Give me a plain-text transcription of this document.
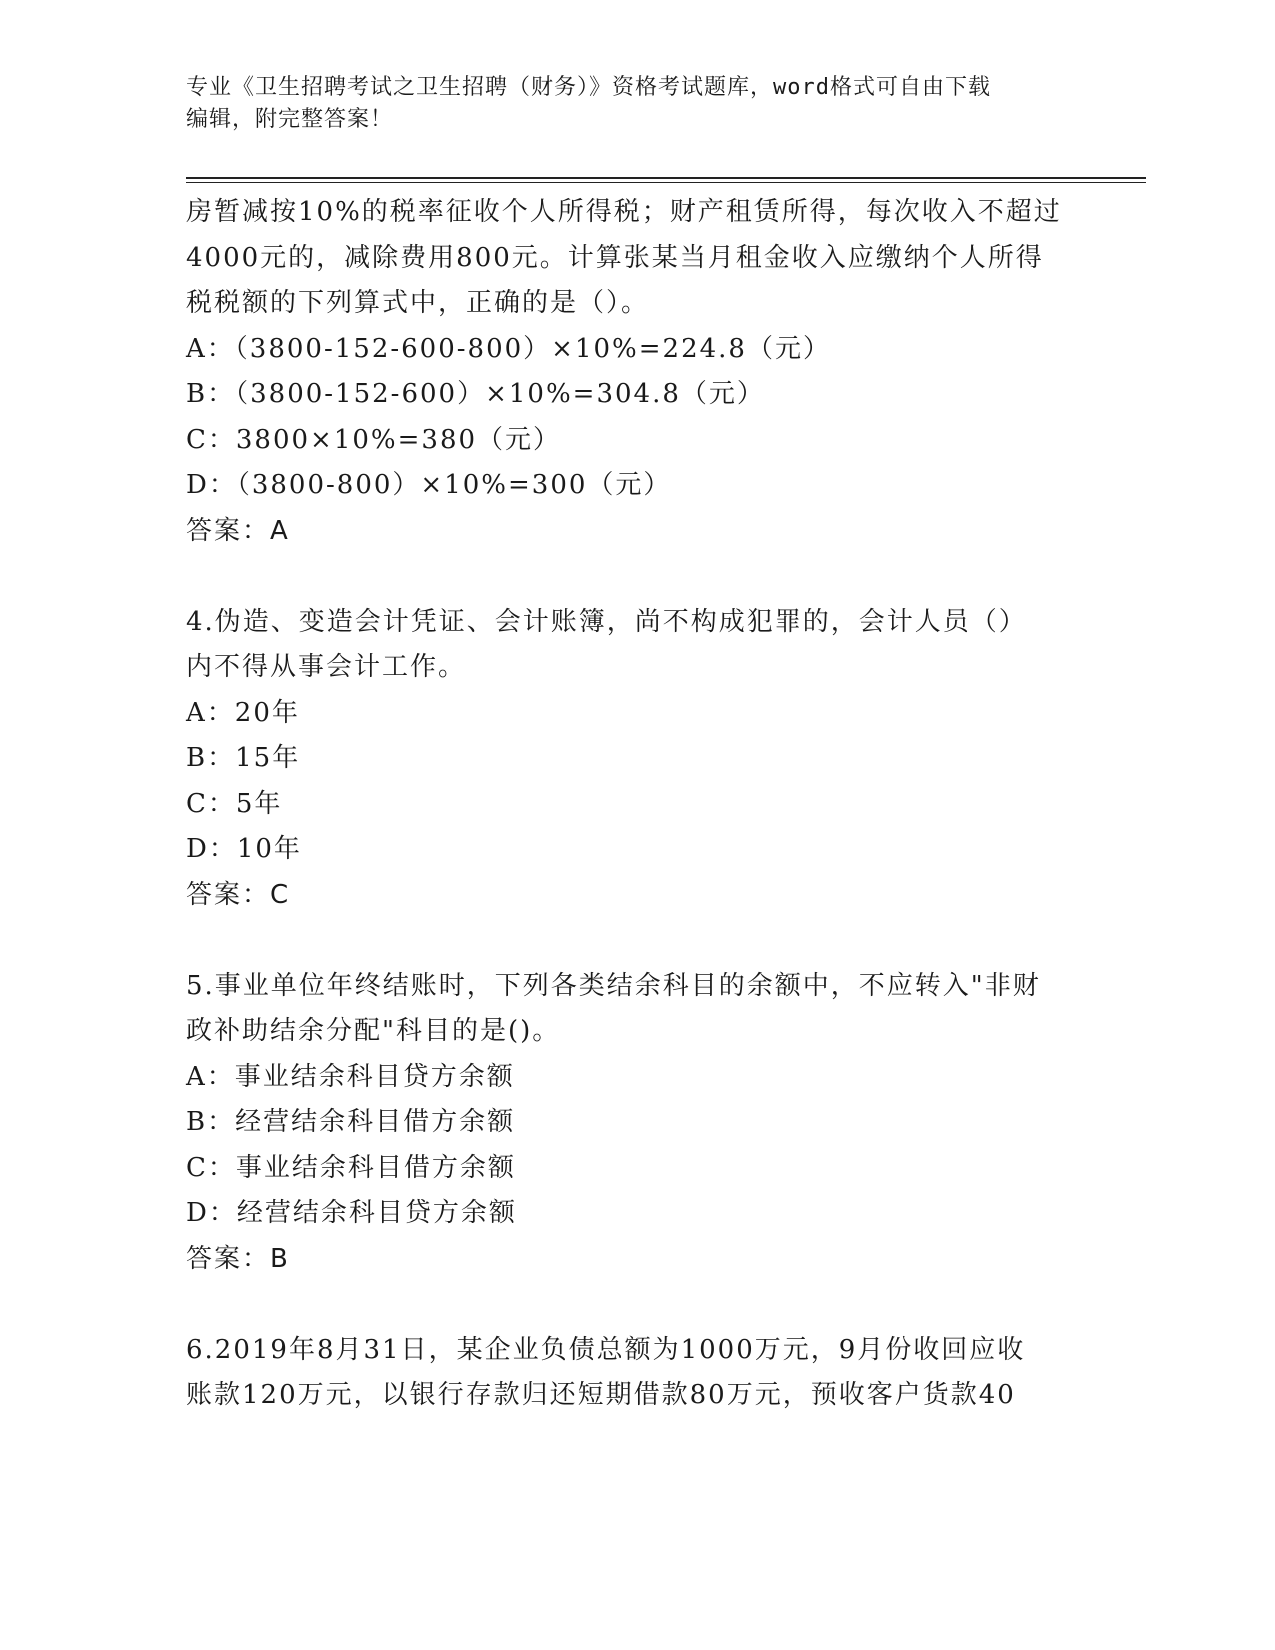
专业《卫生招聘考试之卫生招聘（财务）》资格考试题库，word格式可自由下载
编辑，附完整答案！
房暂减按10%的税率征收个人所得税；财产租赁所得，每次收入不超过
4000元的，减除费用800元。计算张某当月租金收入应缴纳个人所得
税税额的下列算式中，正确的是（）。
A：（3800-152-600-800）×10%=224.8（元）
B：（3800-152-600）×10%=304.8（元）
C：3800×10%=380（元）
D：（3800-800）×10%=300（元）
答案：A
4.伪造、变造会计凭证、会计账簿，尚不构成犯罪的，会计人员（）
内不得从事会计工作。
A：20年
B：15年
C：5年
D：10年
答案：C
5.事业单位年终结账时，下列各类结余科目的余额中，不应转入"非财
政补助结余分配"科目的是()。
A：事业结余科目贷方余额
B：经营结余科目借方余额
C：事业结余科目借方余额
D：经营结余科目贷方余额
答案：B
6.2019年8月31日，某企业负债总额为1000万元，9月份收回应收
账款120万元，以银行存款归还短期借款80万元，预收客户货款40
